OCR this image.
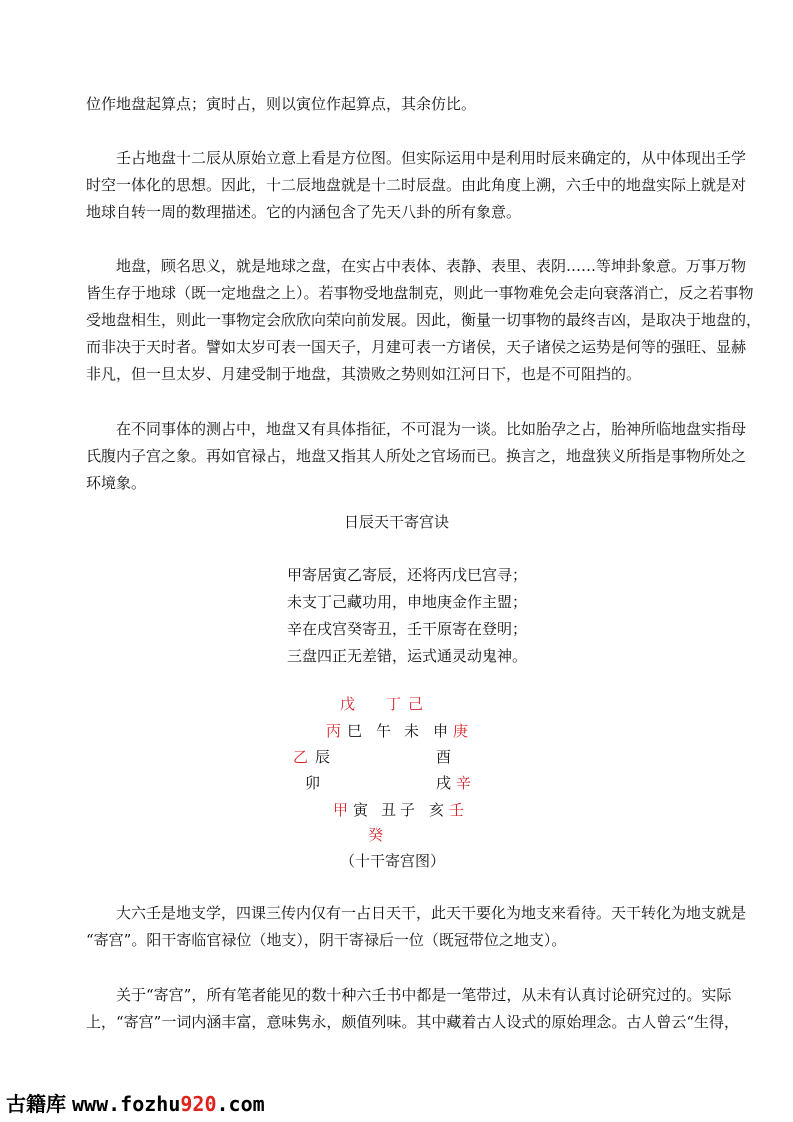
位作地盘起算点；寅时占，则以寅位作起算点，其余仿比。

　　壬占地盘十二辰从原始立意上看是方位图。但实际运用中是利用时辰来确定的，从中体现出壬学
时空一体化的思想。因此，十二辰地盘就是十二时辰盘。由此角度上溯，六壬中的地盘实际上就是对
地球自转一周的数理描述。它的内涵包含了先天八卦的所有象意。

　　地盘，顾名思义，就是地球之盘，在实占中表体、表静、表里、表阴……等坤卦象意。万事万物
皆生存于地球（既一定地盘之上）。若事物受地盘制克，则此一事物难免会走向衰落消亡，反之若事物
受地盘相生，则此一事物定会欣欣向荣向前发展。因此，衡量一切事物的最终吉凶，是取决于地盘的，
而非决于天时者。譬如太岁可表一国天子，月建可表一方诸侯，天子诸侯之运势是何等的强旺、显赫
非凡，但一旦太岁、月建受制于地盘，其溃败之势则如江河日下，也是不可阻挡的。

　　在不同事体的测占中，地盘又有具体指征，不可混为一谈。比如胎孕之占，胎神所临地盘实指母
氏腹内子宫之象。再如官禄占，地盘又指其人所处之官场而已。换言之，地盘狭义所指是事物所处之
环境象。

日辰天干寄宫诀

甲寄居寅乙寄辰，还将丙戊巳宫寻；
未支丁己藏功用，申地庚金作主盟；
辛在戌宫癸寄丑，壬干原寄在登明；
三盘四正无差错，运式通灵动鬼神。
戊 丁 己
丙 巳 午 未 申 庚
乙 辰	酉
卯	戌 辛
甲 寅 丑 子 亥 壬
癸
（十干寄宫图）

　　大六壬是地支学，四课三传内仅有一占日天干，此天干要化为地支来看待。天干转化为地支就是
“寄宫”。阳干寄临官禄位（地支），阴干寄禄后一位（既冠带位之地支）。

　　关于“寄宫”，所有笔者能见的数十种六壬书中都是一笔带过，从未有认真讨论研究过的。实际
上，“寄宫”一词内涵丰富，意味隽永，颇值列味。其中藏着古人设式的原始理念。古人曾云“生得，

古籍库 www.fozhu920.com
